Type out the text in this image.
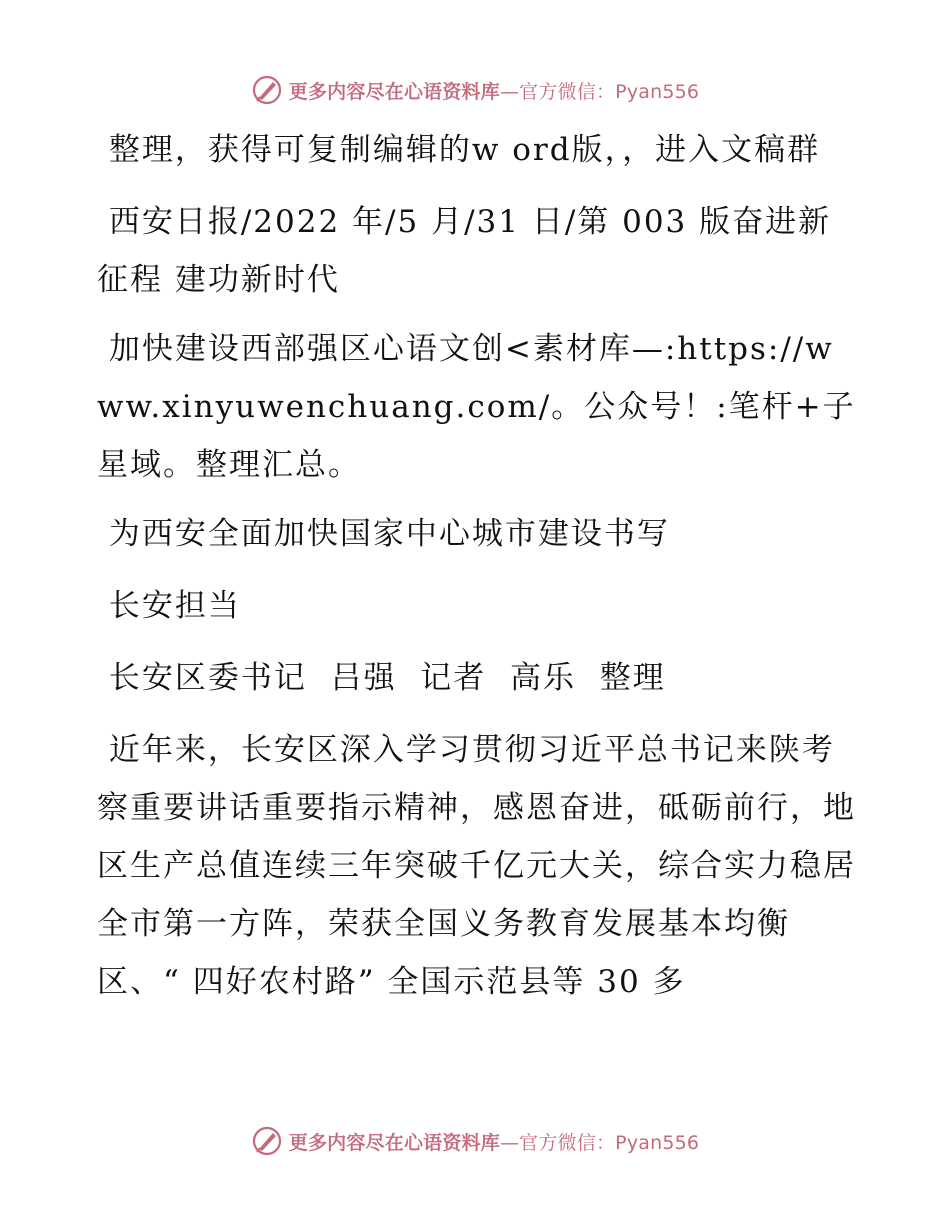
更多内容尽在心语资料库—官方微信：Pyan556

整理，获得可复制编辑的w ord版，，进入文稿群

西安日报/2022 年/5 月/31 日/第 003 版奋进新征程 建功新时代

加快建设西部强区心语文创<素材库—:https://www.xinyuwenchuang.com/。公众号！:笔杆+子星域。整理汇总。

为西安全面加快国家中心城市建设书写

长安担当

长安区委书记  吕强  记者  高乐  整理

近年来，长安区深入学习贯彻习近平总书记来陕考察重要讲话重要指示精神，感恩奋进，砥砺前行，地区生产总值连续三年突破千亿元大关，综合实力稳居全市第一方阵，荣获全国义务教育发展基本均衡区、“ 四好农村路” 全国示范县等 30 多

更多内容尽在心语资料库—官方微信：Pyan556
